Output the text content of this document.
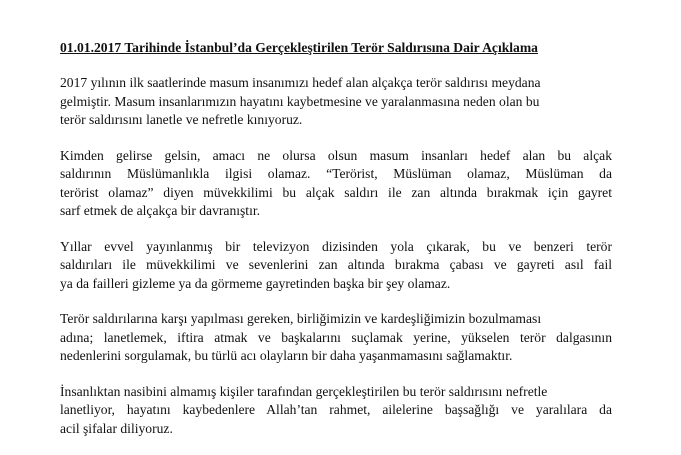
01.01.2017 Tarihinde İstanbul’da Gerçekleştirilen Terör Saldırısına Dair Açıklama
2017 yılının ilk saatlerinde masum insanımızı hedef alan alçakça terör saldırısı meydana
gelmiştir. Masum insanlarımızın hayatını kaybetmesine ve yaralanmasına neden olan bu
terör saldırısını lanetle ve nefretle kınıyoruz.
Kimden gelirse gelsin, amacı ne olursa olsun masum insanları hedef alan bu alçak
saldırının Müslümanlıkla ilgisi olamaz. “Terörist, Müslüman olamaz, Müslüman da
terörist olamaz” diyen müvekkilimi bu alçak saldırı ile zan altında bırakmak için gayret
sarf etmek de alçakça bir davranıştır.
Yıllar evvel yayınlanmış bir televizyon dizisinden yola çıkarak, bu ve benzeri terör
saldırıları ile müvekkilimi ve sevenlerini zan altında bırakma çabası ve gayreti asıl fail
ya da failleri gizleme ya da görmeme gayretinden başka bir şey olamaz.
Terör saldırılarına karşı yapılması gereken, birliğimizin ve kardeşliğimizin bozulmaması
adına; lanetlemek, iftira atmak ve başkalarını suçlamak yerine, yükselen terör dalgasının
nedenlerini sorgulamak, bu türlü acı olayların bir daha yaşanmamasını sağlamaktır.
İnsanlıktan nasibini almamış kişiler tarafından gerçekleştirilen bu terör saldırısını nefretle
lanetliyor, hayatını kaybedenlere Allah’tan rahmet, ailelerine başsağlığı ve yaralılara da
acil şifalar diliyoruz.
